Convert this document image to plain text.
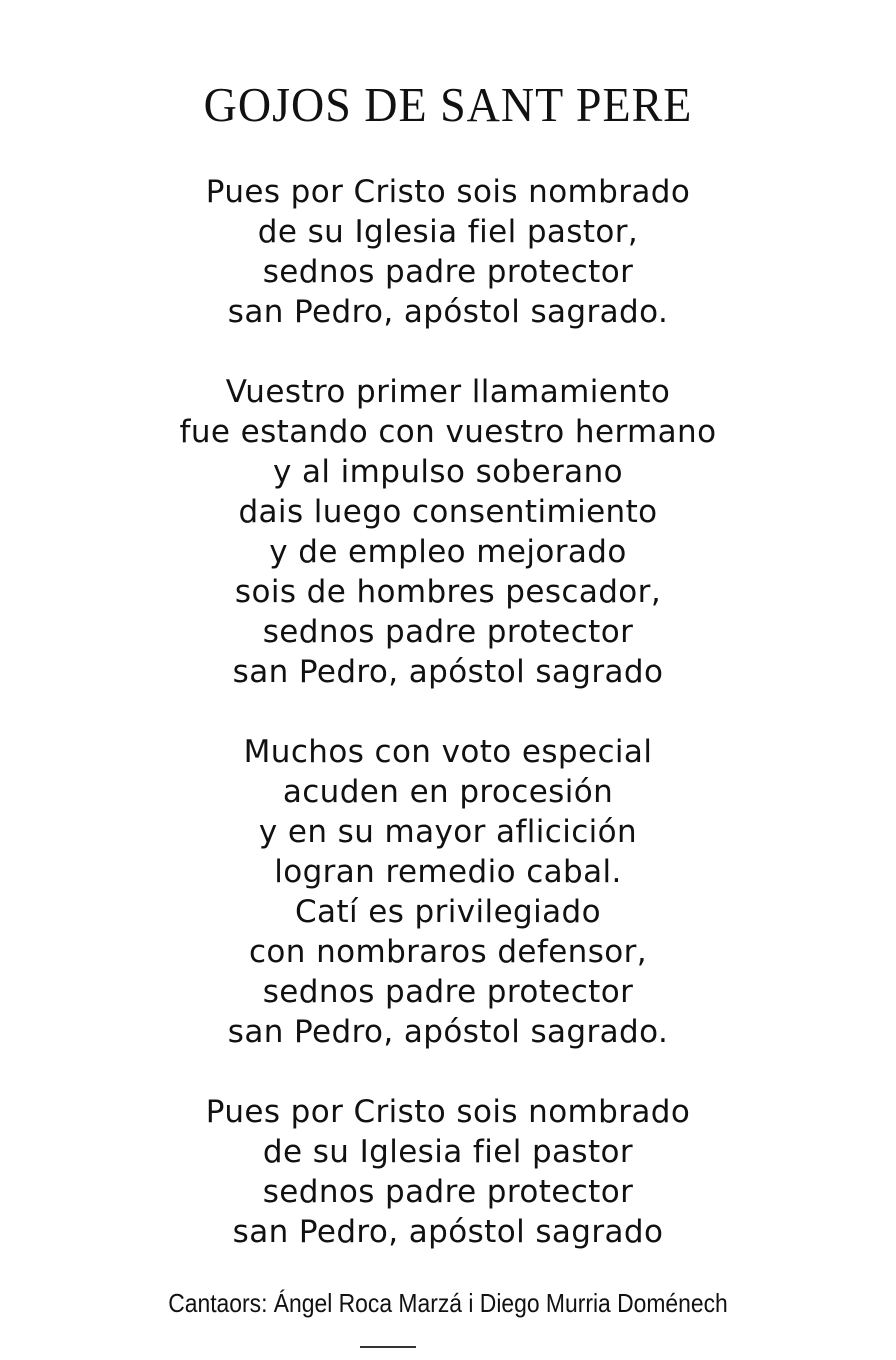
GOJOS DE SANT PERE
Pues por Cristo sois nombrado
de su Iglesia fiel pastor,
sednos padre protector
san Pedro, apóstol sagrado.
Vuestro primer llamamiento
fue estando con vuestro hermano
y al impulso soberano
dais luego consentimiento
y de empleo mejorado
sois de hombres pescador,
sednos padre protector
san Pedro, apóstol sagrado
Muchos con voto especial
acuden en procesión
y en su mayor aflicición
logran remedio cabal.
Catí es privilegiado
con nombraros defensor,
sednos padre protector
san Pedro, apóstol sagrado.
Pues por Cristo sois nombrado
de su Iglesia fiel pastor
sednos padre protector
san Pedro, apóstol sagrado
Cantaors: Ángel Roca Marzá i Diego Murria Doménech
